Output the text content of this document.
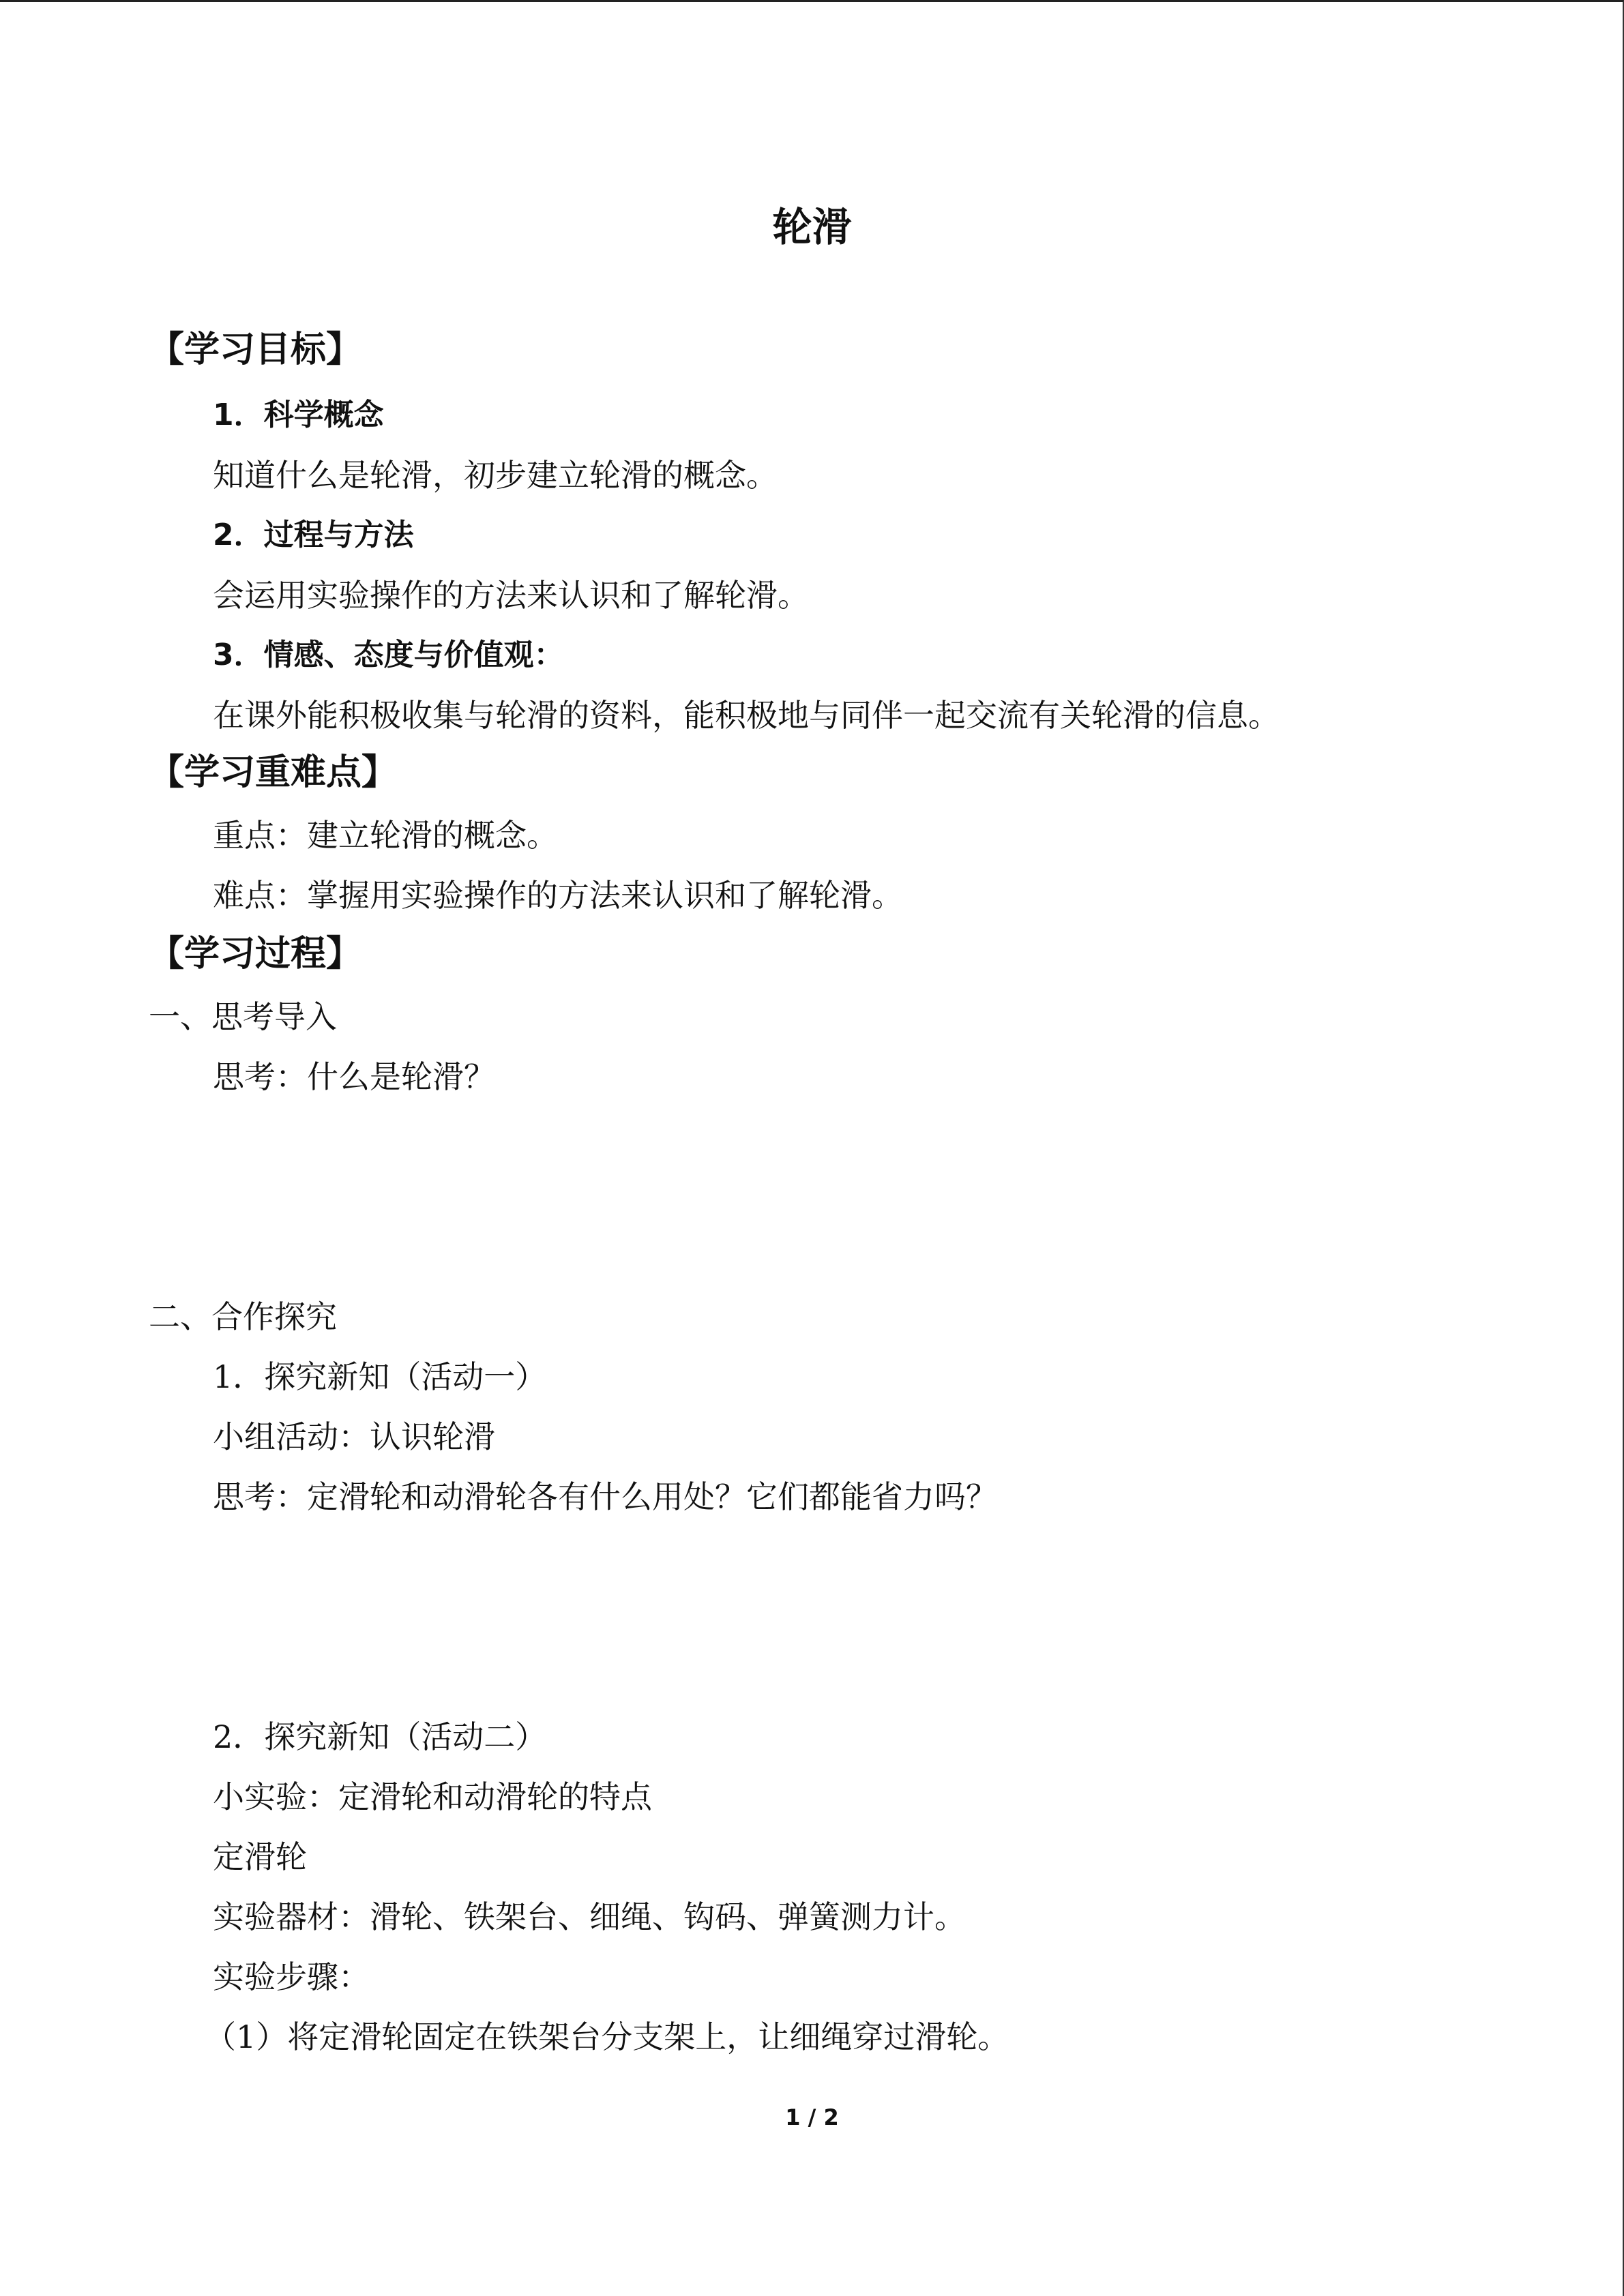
轮滑
【学习目标】
1．科学概念
知道什么是轮滑，初步建立轮滑的概念。
2．过程与方法
会运用实验操作的方法来认识和了解轮滑。
3．情感、态度与价值观：
在课外能积极收集与轮滑的资料，能积极地与同伴一起交流有关轮滑的信息。
【学习重难点】
重点：建立轮滑的概念。
难点：掌握用实验操作的方法来认识和了解轮滑。
【学习过程】
一、思考导入
思考：什么是轮滑？
二、合作探究
1．探究新知（活动一）
小组活动：认识轮滑
思考：定滑轮和动滑轮各有什么用处？它们都能省力吗？
2．探究新知（活动二）
小实验：定滑轮和动滑轮的特点
定滑轮
实验器材：滑轮、铁架台、细绳、钩码、弹簧测力计。
实验步骤：
（1）将定滑轮固定在铁架台分支架上，让细绳穿过滑轮。
1 / 2
